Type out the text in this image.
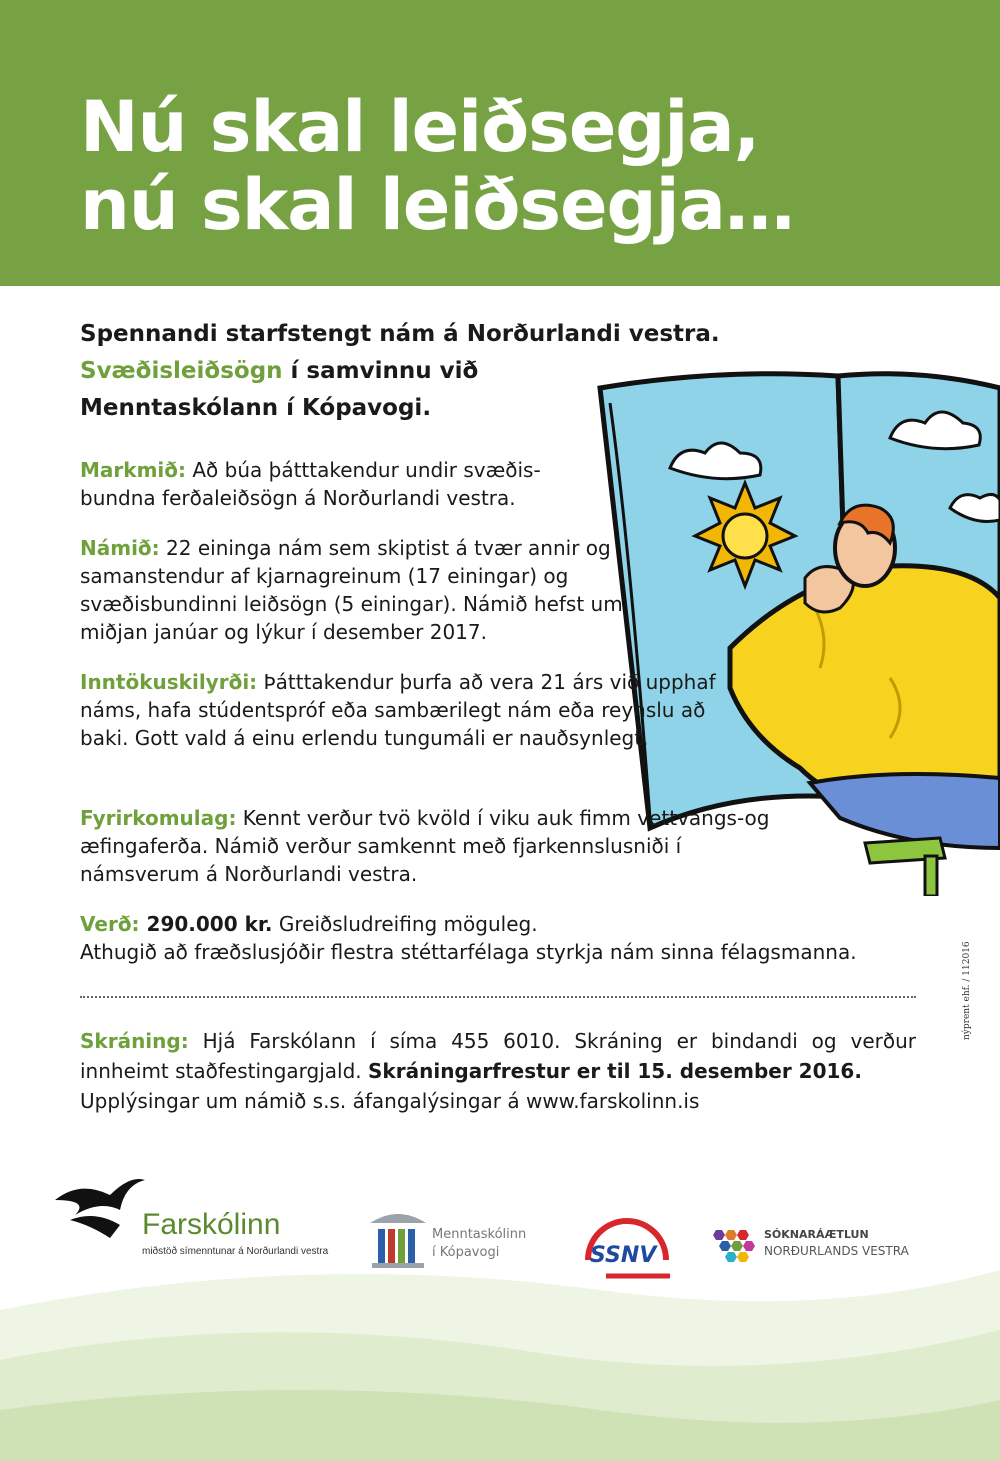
Nú skal leiðsegja,
nú skal leiðsegja…

Spennandi starfstengt nám á Norðurlandi vestra.
Svæðisleiðsögn í samvinnu við
Menntaskólann í Kópavogi.

Markmið: Að búa þátttakendur undir svæðis-bundna ferðaleiðsögn á Norðurlandi vestra.

Námið: 22 eininga nám sem skiptist á tvær annir og samanstendur af kjarnagreinum (17 einingar) og svæðisbundinni leiðsögn (5 einingar). Námið hefst um miðjan janúar og lýkur í desember 2017.

Inntökuskilyrði: Þátttakendur þurfa að vera 21 árs við upphaf náms, hafa stúdentspróf eða sambærilegt nám eða reynslu að baki. Gott vald á einu erlendu tungumáli er nauðsynlegt.

Fyrirkomulag: Kennt verður tvö kvöld í viku auk fimm vettvangs-og æfingaferða. Námið verður samkennt með fjarkennslusniði í námsverum á Norðurlandi vestra.

Verð: 290.000 kr. Greiðsludreifing möguleg.
Athugið að fræðslusjóðir flestra stéttarfélaga styrkja nám sinna félagsmanna.

Skráning: Hjá Farskólann í síma 455 6010. Skráning er bindandi og verður innheimt staðfestingargjald. Skráningarfrestur er til 15. desember 2016.
Upplýsingar um námið s.s. áfangalýsingar á www.farskolinn.is

nýprent ehf. / 112016
Farskólinn
miðstöð símenntunar á Norðurlandi vestra
Menntaskólinn
í Kópavogi	SSNV
SÓKNARÁÆTLUN
NORÐURLANDS VESTRA
